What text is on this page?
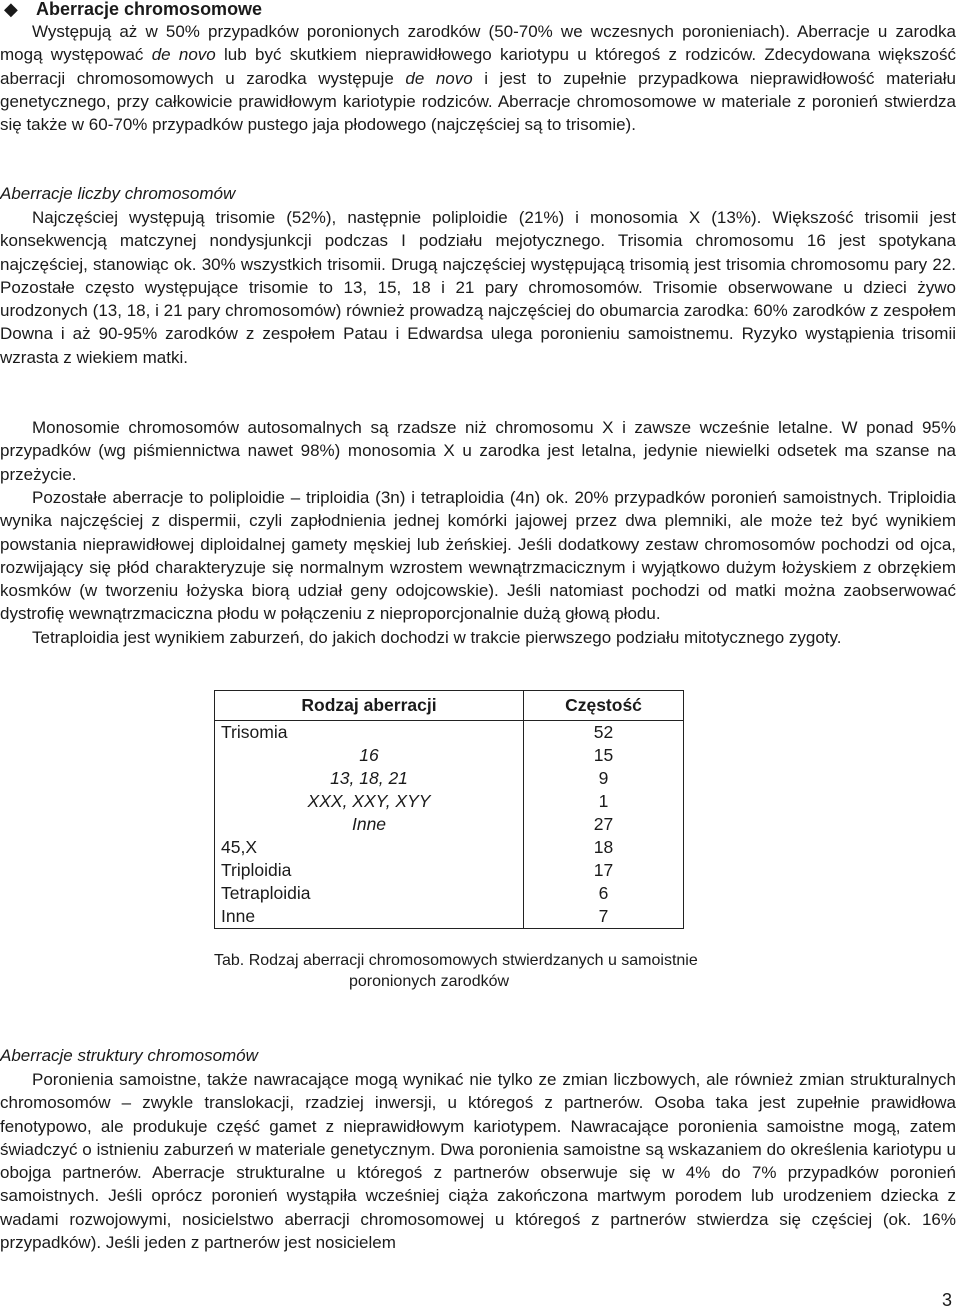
◆ Aberracje chromosomowe

Występują aż w 50% przypadków poronionych zarodków (50-70% we wczesnych poronieniach). Aberracje u zarodka mogą występować de novo lub być skutkiem nieprawidłowego kariotypu u któregoś z rodziców. Zdecydowana większość aberracji chromosomowych u zarodka występuje de novo i jest to zupełnie przypadkowa nieprawidłowość materiału genetycznego, przy całkowicie prawidłowym kariotypie rodziców. Aberracje chromosomowe w materiale z poronień stwierdza się także w 60-70% przypadków pustego jaja płodowego (najczęściej są to trisomie).

Aberracje liczby chromosomów

Najczęściej występują trisomie (52%), następnie poliploidie (21%) i monosomia X (13%). Większość trisomii jest konsekwencją matczynej nondysjunkcji podczas I podziału mejotycznego. Trisomia chromosomu 16 jest spotykana najczęściej, stanowiąc ok. 30% wszystkich trisomii. Drugą najczęściej występującą trisomią jest trisomia chromosomu pary 22. Pozostałe często występujące trisomie to 13, 15, 18 i 21 pary chromosomów. Trisomie obserwowane u dzieci żywo urodzonych (13, 18, i 21 pary chromosomów) również prowadzą najczęściej do obumarcia zarodka: 60% zarodków z zespołem Downa i aż 90-95% zarodków z zespołem Patau i Edwardsa ulega poronieniu samoistnemu. Ryzyko wystąpienia trisomii wzrasta z wiekiem matki.

Monosomie chromosomów autosomalnych są rzadsze niż chromosomu X i zawsze wcześnie letalne. W ponad 95% przypadków (wg piśmiennictwa nawet 98%) monosomia X u zarodka jest letalna, jedynie niewielki odsetek ma szanse na przeżycie.

Pozostałe aberracje to poliploidie – triploidia (3n) i tetraploidia (4n) ok. 20% przypadków poronień samoistnych. Triploidia wynika najczęściej z dispermii, czyli zapłodnienia jednej komórki jajowej przez dwa plemniki, ale może też być wynikiem powstania nieprawidłowej diploidalnej gamety męskiej lub żeńskiej. Jeśli dodatkowy zestaw chromosomów pochodzi od ojca, rozwijający się płód charakteryzuje się normalnym wzrostem wewnątrzmacicznym i wyjątkowo dużym łożyskiem z obrzękiem kosmków (w tworzeniu łożyska biorą udział geny odojcowskie). Jeśli natomiast pochodzi od matki można zaobserwować dystrofię wewnątrzmaciczna płodu w połączeniu z nieproporcjonalnie dużą głową płodu.

Tetraploidia jest wynikiem zaburzeń, do jakich dochodzi w trakcie pierwszego podziału mitotycznego zygoty.

Rodzaj aberracji	Częstość
Trisomia	52
16	15
13, 18, 21	9
XXX, XXY, XYY	1
Inne	27
45,X	18
Triploidia	17
Tetraploidia	6
Inne	7
Tab. Rodzaj aberracji chromosomowych stwierdzanych u samoistnie
poronionych zarodków
Aberracje struktury chromosomów

Poronienia samoistne, także nawracające mogą wynikać nie tylko ze zmian liczbowych, ale również zmian strukturalnych chromosomów – zwykle translokacji, rzadziej inwersji, u któregoś z partnerów. Osoba taka jest zupełnie prawidłowa fenotypowo, ale produkuje część gamet z nieprawidłowym kariotypem. Nawracające poronienia samoistne mogą, zatem świadczyć o istnieniu zaburzeń w materiale genetycznym. Dwa poronienia samoistne są wskazaniem do określenia kariotypu u obojga partnerów. Aberracje strukturalne u któregoś z partnerów obserwuje się w 4% do 7% przypadków poronień samoistnych. Jeśli oprócz poronień wystąpiła wcześniej ciąża zakończona martwym porodem lub urodzeniem dziecka z wadami rozwojowymi, nosicielstwo aberracji chromosomowej u któregoś z partnerów stwierdza się częściej (ok. 16% przypadków). Jeśli jeden z partnerów jest nosicielem

3
